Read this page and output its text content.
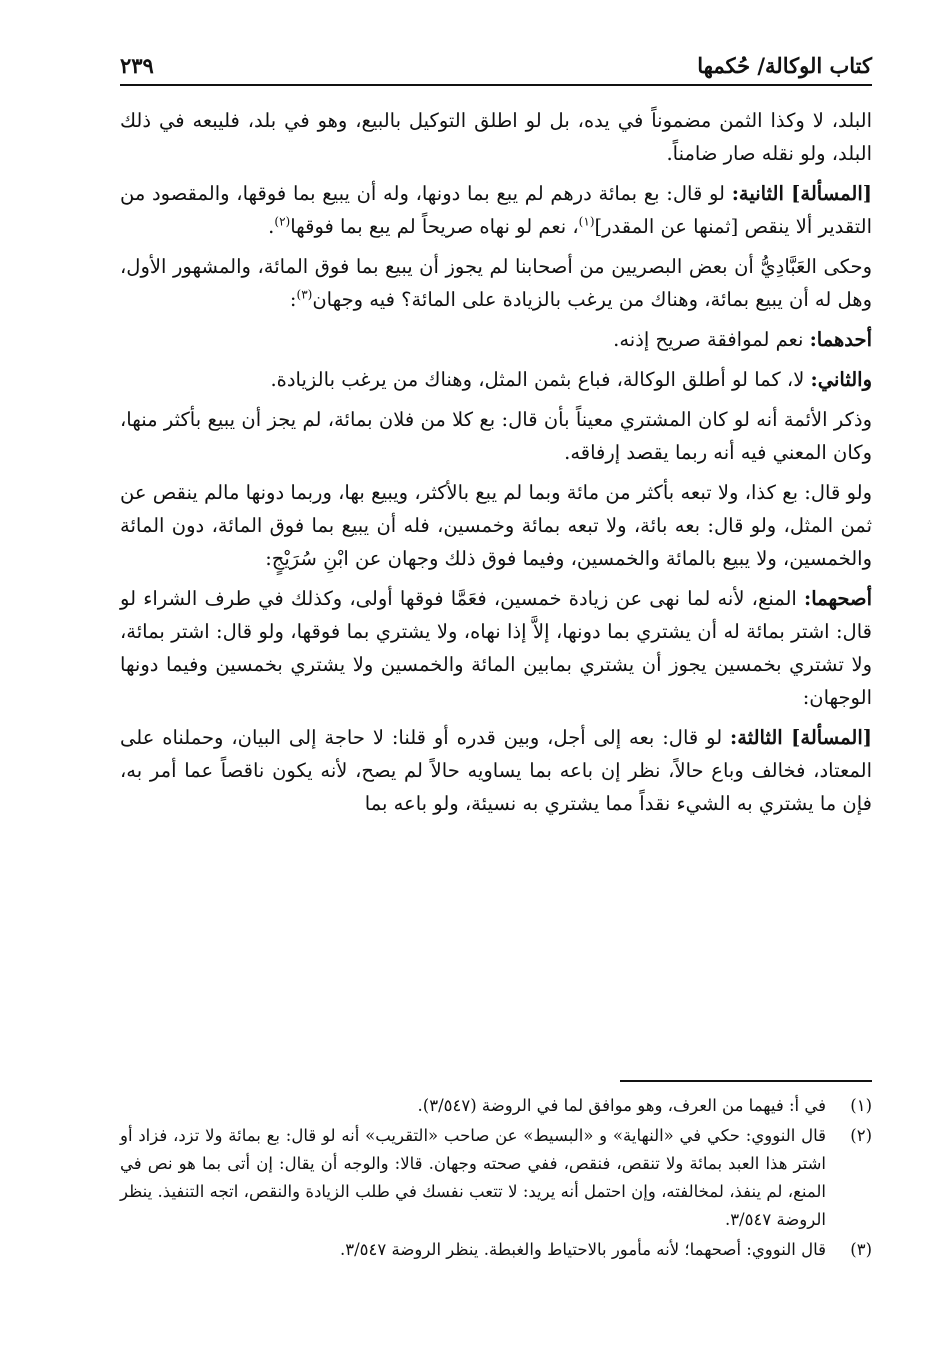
كتاب الوكالة/ حُكمها
٢٣٩

البلد، لا وكذا الثمن مضموناً في يده، بل لو اطلق التوكيل بالبيع، وهو في بلد، فليبعه في ذلك البلد، ولو نقله صار ضامناً.

[المسألة] الثانية: لو قال: بع بمائة درهم لم يبع بما دونها، وله أن يبيع بما فوقها، والمقصود من التقدير ألا ينقص [ثمنها عن المقدر]$^{(١)}$، نعم لو نهاه صريحاً لم يبع بما فوقها$^{(٢)}$.

وحكى العَبَّادِيُّ أن بعض البصريين من أصحابنا لم يجوز أن يبيع بما فوق المائة، والمشهور الأول، وهل له أن يبيع بمائة، وهناك من يرغب بالزيادة على المائة؟ فيه وجهان$^{(٣)}$:

أحدهما: نعم لموافقة صريح إذنه.

والثاني: لا، كما لو أطلق الوكالة، فباع بثمن المثل، وهناك من يرغب بالزيادة.

وذكر الأئمة أنه لو كان المشتري معيناً بأن قال: بع كلا من فلان بمائة، لم يجز أن يبيع بأكثر منها، وكان المعني فيه أنه ربما يقصد إرفاقه.

ولو قال: بع كذا، ولا تبعه بأكثر من مائة وبما لم يبع بالأكثر، ويبيع بها، وربما دونها مالم ينقص عن ثمن المثل، ولو قال: بعه بائة، ولا تبعه بمائة وخمسين، فله أن يبيع بما فوق المائة، دون المائة والخمسين، ولا يبيع بالمائة والخمسين، وفيما فوق ذلك وجهان عن ابْنِ سُرَيْجٍ:

أصحهما: المنع، لأنه لما نهى عن زيادة خمسين، فعَمَّا فوقها أولى، وكذلك في طرف الشراء لو قال: اشتر بمائة له أن يشتري بما دونها، إلاَّ إذا نهاه، ولا يشتري بما فوقها، ولو قال: اشتر بمائة، ولا تشتري بخمسين يجوز أن يشتري بمابين المائة والخمسين ولا يشتري بخمسين وفيما دونها الوجهان:

[المسألة] الثالثة: لو قال: بعه إلى أجل، وبين قدره أو قلنا: لا حاجة إلى البيان، وحملناه على المعتاد، فخالف وباع حالاً، نظر إن باعه بما يساويه حالاً لم يصح، لأنه يكون ناقصاً عما أمر به، فإن ما يشتري به الشيء نقداً مما يشتري به نسيئة، ولو باعه بما

(١)
في أ: فيهما من العرف، وهو موافق لما في الروضة (٣/٥٤٧).
(٢)
قال النووي: حكي في «النهاية» و «البسيط» عن صاحب «التقريب» أنه لو قال: بع بمائة ولا تزد، فزاد أو اشتر هذا العبد بمائة ولا تنقص، فنقص، ففي صحته وجهان. قالا: والوجه أن يقال: إن أتى بما هو نص في المنع، لم ينفذ، لمخالفته، وإن احتمل أنه يريد: لا تتعب نفسك في طلب الزيادة والنقص، اتجه التنفيذ. ينظر الروضة ٣/٥٤٧.
(٣)
قال النووي: أصحهما؛ لأنه مأمور بالاحتياط والغبطة. ينظر الروضة ٣/٥٤٧.
